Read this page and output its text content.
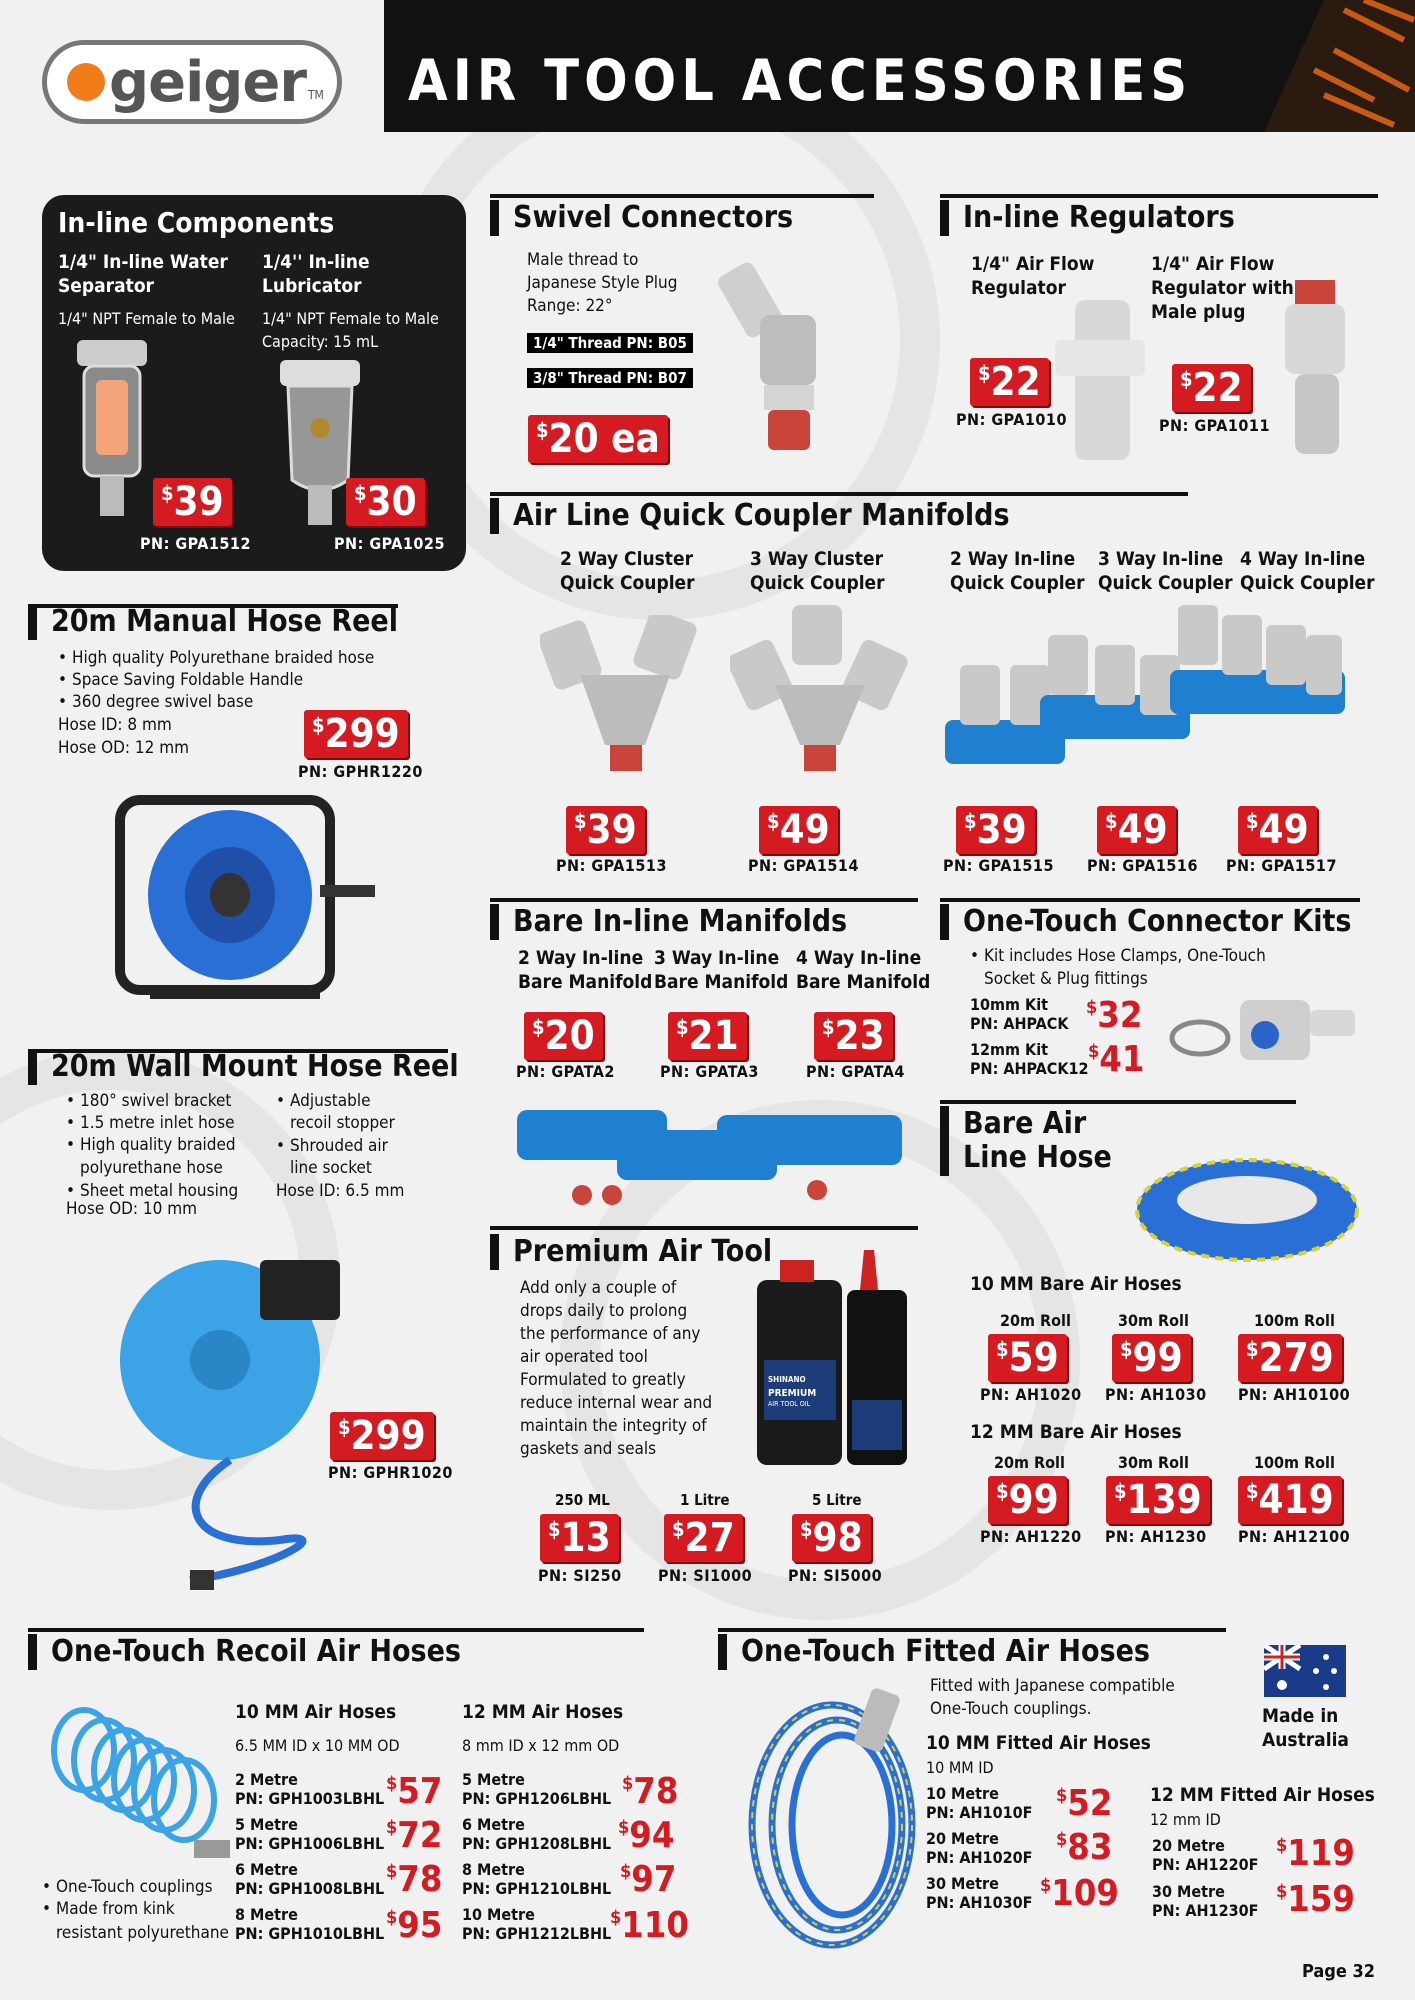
AIR TOOL ACCESSORIES
geiger TM
In-line Components
1/4" In-line Water Separator
1/4" NPT Female to Male
1/4'' In-line Lubricator
1/4" NPT Female to Male
Capacity: 15 mL
$39
PN: GPA1512
$30
PN: GPA1025
Swivel Connectors
Male thread to
Japanese Style Plug
Range: 22°
1/4" Thread PN: B05
3/8" Thread PN: B07
$20 ea
In-line Regulators
1/4" Air Flow
Regulator
1/4" Air Flow
Regulator with
Male plug
$22
PN: GPA1010
$22
PN: GPA1011
Air Line Quick Coupler Manifolds
2 Way Cluster
Quick Coupler
3 Way Cluster
Quick Coupler
2 Way In-line
Quick Coupler
3 Way In-line
Quick Coupler
4 Way In-line
Quick Coupler
$39
PN: GPA1513
$49
PN: GPA1514
$39
PN: GPA1515
$49
PN: GPA1516
$49
PN: GPA1517
20m Manual Hose Reel
• High quality Polyurethane braided hose
• Space Saving Foldable Handle
• 360 degree swivel base
Hose ID: 8 mm
Hose OD: 12 mm
$299
PN: GPHR1220
Bare In-line Manifolds
2 Way In-line
Bare Manifold
3 Way In-line
Bare Manifold
4 Way In-line
Bare Manifold
$20
PN: GPATA2
$21
PN: GPATA3
$23
PN: GPATA4
One-Touch Connector Kits
• Kit includes Hose Clamps, One-Touch
Socket & Plug fittings
10mm Kit
PN: AHPACK
$32
12mm Kit
PN: AHPACK12
$41
20m Wall Mount Hose Reel
• 180° swivel bracket
• 1.5 metre inlet hose
• High quality braided
polyurethane hose
• Sheet metal housing
Hose OD: 10 mm
• Adjustable
recoil stopper
• Shrouded air
line socket
Hose ID: 6.5 mm
$299
PN: GPHR1020
Bare Air
Line Hose
10 MM Bare Air Hoses
20m Roll	30m Roll	100m Roll
$59	$99	$279
PN: AH1020 PN: AH1030 PN: AH10100
12 MM Bare Air Hoses
20m Roll	30m Roll	100m Roll
$99	$139	$419
PN: AH1220 PN: AH1230 PN: AH12100
Premium Air Tool
Add only a couple of
drops daily to prolong
the performance of any
air operated tool
Formulated to greatly
reduce internal wear and
maintain the integrity of
gaskets and seals
SHINANO
PREMIUM
AIR TOOL OIL
250 ML	1 Litre	5 Litre
$13	$27	$98
PN: SI250 PN: SI1000 PN: SI5000
One-Touch Recoil Air Hoses
• One-Touch couplings
• Made from kink
resistant polyurethane
10 MM Air Hoses
6.5 MM ID x 10 MM OD
12 MM Air Hoses
8 mm ID x 12 mm OD
2 Metre
PN: GPH1003LBHL
$57
5 Metre
PN: GPH1006LBHL
$72
6 Metre
PN: GPH1008LBHL
$78
8 Metre
PN: GPH1010LBHL
$95
5 Metre
PN: GPH1206LBHL
$78
6 Metre
PN: GPH1208LBHL
$94
8 Metre
PN: GPH1210LBHL
$97
10 Metre
PN: GPH1212LBHL
$110
One-Touch Fitted Air Hoses
Fitted with Japanese compatible
One-Touch couplings.	Made in
Australia
10 MM Fitted Air Hoses
10 MM ID
10 Metre
PN: AH1010F
$52
20 Metre
PN: AH1020F
$83
30 Metre
PN: AH1030F
$109
12 MM Fitted Air Hoses
12 mm ID
20 Metre
PN: AH1220F
$119
30 Metre
PN: AH1230F
$159
Page 32
